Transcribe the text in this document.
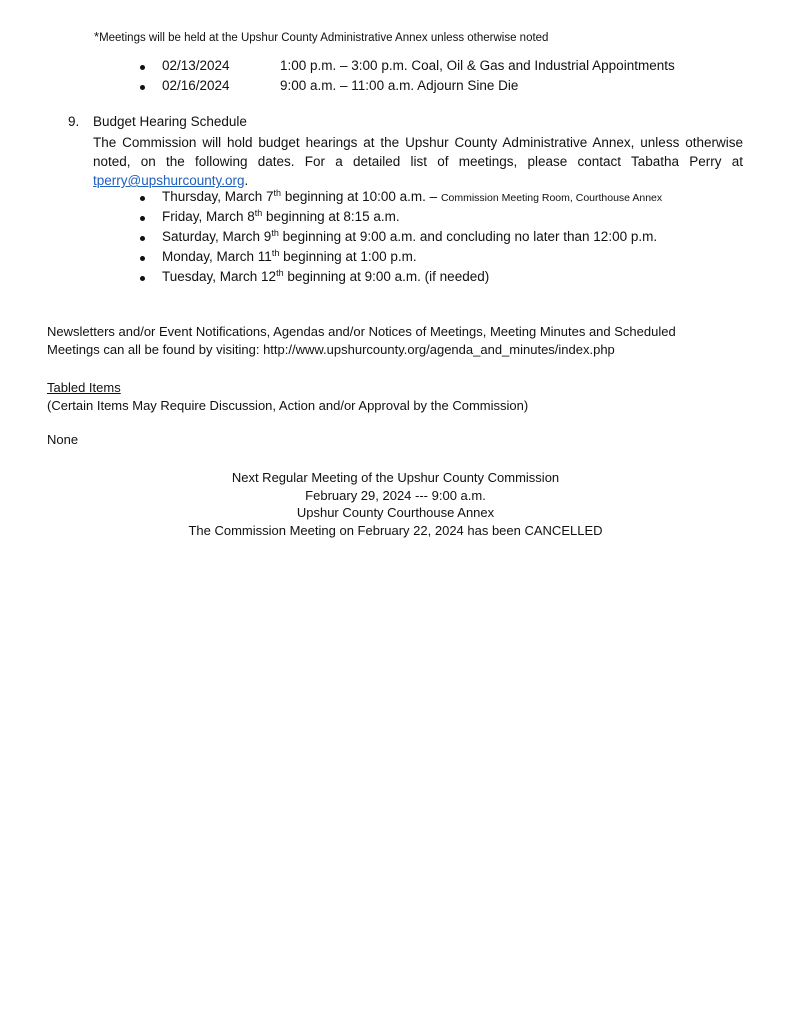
*Meetings will be held at the Upshur County Administrative Annex unless otherwise noted
02/13/2024	1:00 p.m. – 3:00 p.m. Coal, Oil & Gas and Industrial Appointments
02/16/2024	9:00 a.m. – 11:00 a.m. Adjourn Sine Die
9. Budget Hearing Schedule
The Commission will hold budget hearings at the Upshur County Administrative Annex, unless otherwise noted, on the following dates. For a detailed list of meetings, please contact Tabatha Perry at tperry@upshurcounty.org.
Thursday, March 7th beginning at 10:00 a.m. – Commission Meeting Room, Courthouse Annex
Friday, March 8th beginning at 8:15 a.m.
Saturday, March 9th beginning at 9:00 a.m. and concluding no later than 12:00 p.m.
Monday, March 11th beginning at 1:00 p.m.
Tuesday, March 12th beginning at 9:00 a.m. (if needed)
Newsletters and/or Event Notifications, Agendas and/or Notices of Meetings, Meeting Minutes and Scheduled
Meetings can all be found by visiting: http://www.upshurcounty.org/agenda_and_minutes/index.php
Tabled Items
(Certain Items May Require Discussion, Action and/or Approval by the Commission)
None
Next Regular Meeting of the Upshur County Commission
February 29, 2024 --- 9:00 a.m.
Upshur County Courthouse Annex
The Commission Meeting on February 22, 2024 has been CANCELLED
